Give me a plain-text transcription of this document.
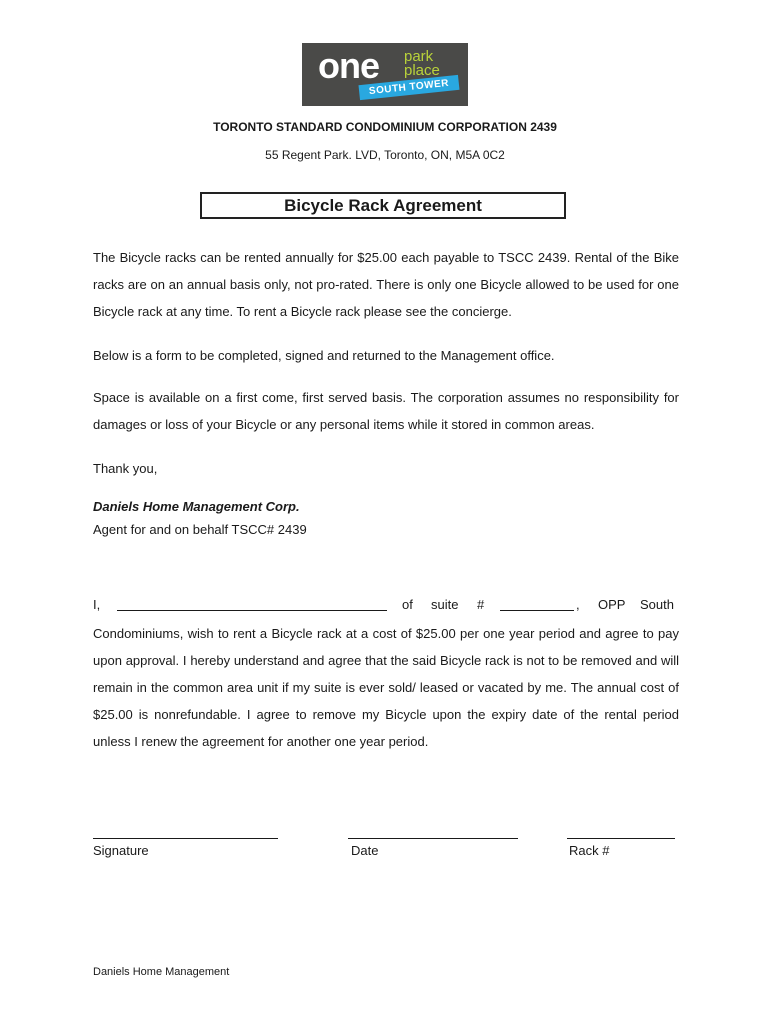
one park
place
SOUTH TOWER
TORONTO STANDARD CONDOMINIUM CORPORATION 2439
55 Regent Park. LVD, Toronto, ON, M5A 0C2
Bicycle Rack Agreement

The Bicycle racks can be rented annually for $25.00 each payable to TSCC 2439. Rental of the Bike racks are on an annual basis only, not pro-rated. There is only one Bicycle allowed to be used for one Bicycle rack at any time. To rent a Bicycle rack please see the concierge.

Below is a form to be completed, signed and returned to the Management office.

Space is available on a first come, first served basis. The corporation assumes no responsibility for damages or loss of your Bicycle or any personal items while it stored in common areas.

Thank you,

Daniels Home Management Corp.
Agent for and on behalf TSCC# 2439
I,	of suite #	, OPP South

Condominiums, wish to rent a Bicycle rack at a cost of $25.00 per one year period and agree to pay upon approval. I hereby understand and agree that the said Bicycle rack is not to be removed and will remain in the common area unit if my suite is ever sold/ leased or vacated by me. The annual cost of $25.00 is nonrefundable. I agree to remove my Bicycle upon the expiry date of the rental period unless I renew the agreement for another one year period.

Signature	Date	Rack #
Daniels Home Management
